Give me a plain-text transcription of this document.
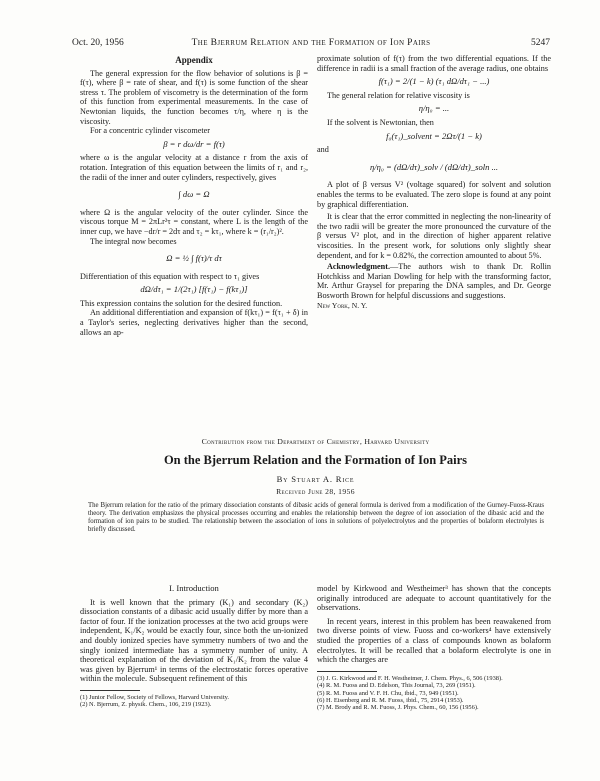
Oct. 20, 1956	The Bjerrum Relation and the Formation of Ion Pairs	5247
Appendix

The general expression for the flow behavior of solutions is β = f(τ), where β = rate of shear, and f(τ) is some function of the shear stress τ. The problem of viscometry is the determination of the form of this function from experimental measurements. In the case of Newtonian liquids, the function becomes τ/η, where η is the viscosity.

For a concentric cylinder viscometer

β = r dω/dr = f(τ)

where ω is the angular velocity at a distance r from the axis of rotation. Integration of this equation between the limits of r₁ and r₂, the radii of the inner and outer cylinders, respectively, gives

∫ dω = Ω

where Ω is the angular velocity of the outer cylinder. Since the viscous torque M = 2πLr²τ = constant, where L is the length of the inner cup, we have −dr/r = 2dτ and τ₂ = kτ₁, where k = (r₁/r₂)².

The integral now becomes

Ω = ½ ∫ f(τ)/τ dτ

Differentiation of this equation with respect to τ₁ gives

dΩ/dτ₁ = 1/(2τ₁) [f(τ₁) − f(kτ₁)]

This expression contains the solution for the desired function.

An additional differentiation and expansion of f(kτ₁) = f(τ₁ + δ) in a Taylor's series, neglecting derivatives higher than the second, allows an ap-

proximate solution of f(τ) from the two differential equations. If the difference in radii is a small fraction of the average radius, one obtains

f(τ₁) = 2/(1 − k) (τ₁ dΩ/dτ₁ − ...)

The general relation for relative viscosity is

η/η₀ = ...

If the solvent is Newtonian, then

f₀(τ₁)_solvent = 2Ωτ/(1 − k)

and

η/η₀ = (dΩ/dτ)_solv / (dΩ/dτ)_soln ...

A plot of β versus V² (voltage squared) for solvent and solution enables the terms to be evaluated. The zero slope is found at any point by graphical differentiation.

It is clear that the error committed in neglecting the non-linearity of the two radii will be greater the more pronounced the curvature of the β versus V² plot, and in the direction of higher apparent relative viscosities. In the present work, for solutions only slightly shear dependent, and for k = 0.82%, the correction amounted to about 5%.

Acknowledgment.—The authors wish to thank Dr. Rollin Hotchkiss and Marian Dowling for help with the transforming factor, Mr. Arthur Graysel for preparing the DNA samples, and Dr. George Bosworth Brown for helpful discussions and suggestions.

New York, N. Y.

Contribution from the Department of Chemistry, Harvard University
On the Bjerrum Relation and the Formation of Ion Pairs
By Stuart A. Rice
Received June 28, 1956
The Bjerrum relation for the ratio of the primary dissociation constants of dibasic acids of general formula is derived from a modification of the Gurney-Fuoss-Kraus theory. The derivation emphasizes the physical processes occurring and enables the relationship between the degree of ion association of the dibasic acid and the formation of ion pairs to be studied. The relationship between the association of ions in solutions of polyelectrolytes and the properties of bolaform electrolytes is briefly discussed.
I. Introduction

It is well known that the primary (K₁) and secondary (K₂) dissociation constants of a dibasic acid usually differ by more than a factor of four. If the ionization processes at the two acid groups were independent, K₁/K₂ would be exactly four, since both the un-ionized and doubly ionized species have symmetry numbers of two and the singly ionized intermediate has a symmetry number of unity. A theoretical explanation of the deviation of K₁/K₂ from the value 4 was given by Bjerrum¹ in terms of the electrostatic forces operative within the molecule. Subsequent refinement of this

(1) Junior Fellow, Society of Fellows, Harvard University.
(2) N. Bjerrum, Z. physik. Chem., 106, 219 (1923).

model by Kirkwood and Westheimer³ has shown that the concepts originally introduced are adequate to account quantitatively for the observations.

In recent years, interest in this problem has been reawakened from two diverse points of view. Fuoss and co-workers⁴ have extensively studied the properties of a class of compounds known as bolaform electrolytes. It will be recalled that a bolaform electrolyte is one in which the charges are

(3) J. G. Kirkwood and F. H. Westheimer, J. Chem. Phys., 6, 506 (1938).
(4) R. M. Fuoss and D. Edelson, This Journal, 73, 269 (1951).
(5) R. M. Fuoss and V. F. H. Chu, ibid., 73, 949 (1951).
(6) H. Eisenberg and R. M. Fuoss, ibid., 75, 2914 (1953).
(7) M. Brody and R. M. Fuoss, J. Phys. Chem., 60, 156 (1956).
